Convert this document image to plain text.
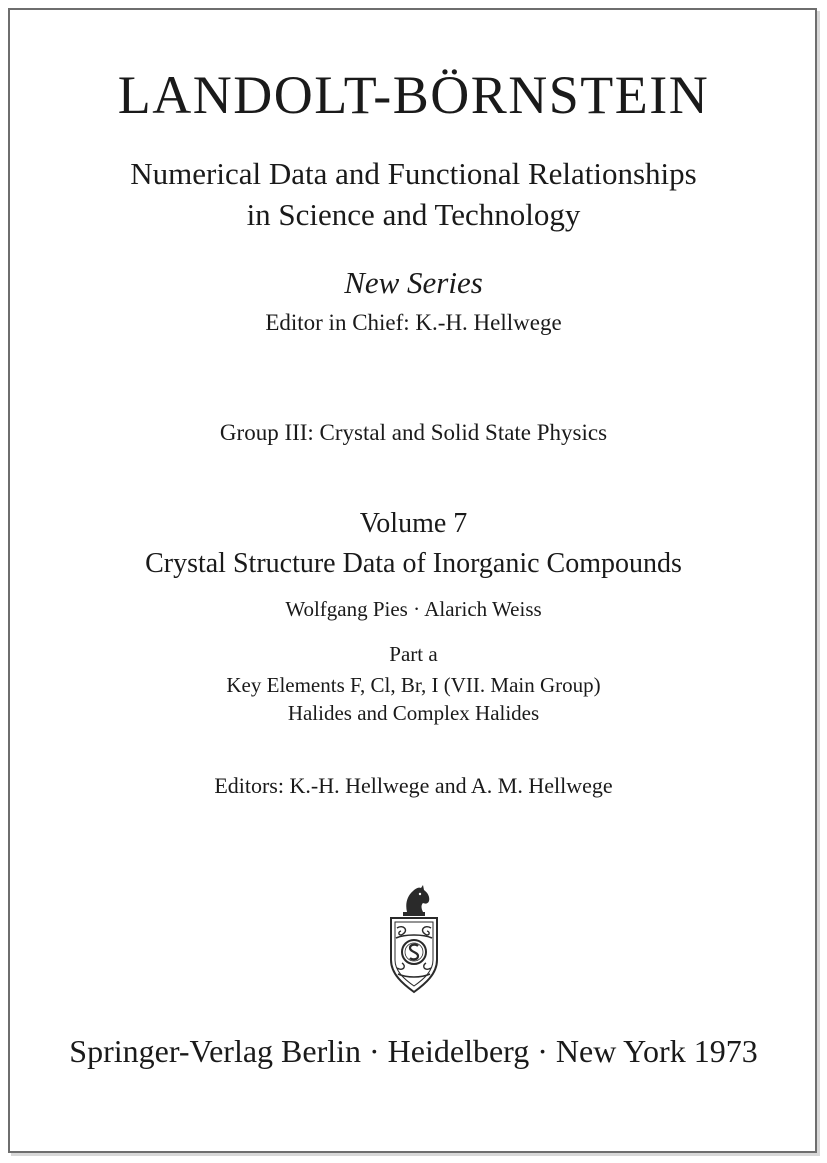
LANDOLT-BÖRNSTEIN
Numerical Data and Functional Relationships
in Science and Technology
New Series
Editor in Chief: K.-H. Hellwege
Group III: Crystal and Solid State Physics
Volume 7
Crystal Structure Data of Inorganic Compounds
Wolfgang Pies · Alarich Weiss
Part a
Key Elements F, Cl, Br, I (VII. Main Group)
Halides and Complex Halides
Editors: K.-H. Hellwege and A. M. Hellwege
Springer-Verlag Berlin · Heidelberg · New York 1973
